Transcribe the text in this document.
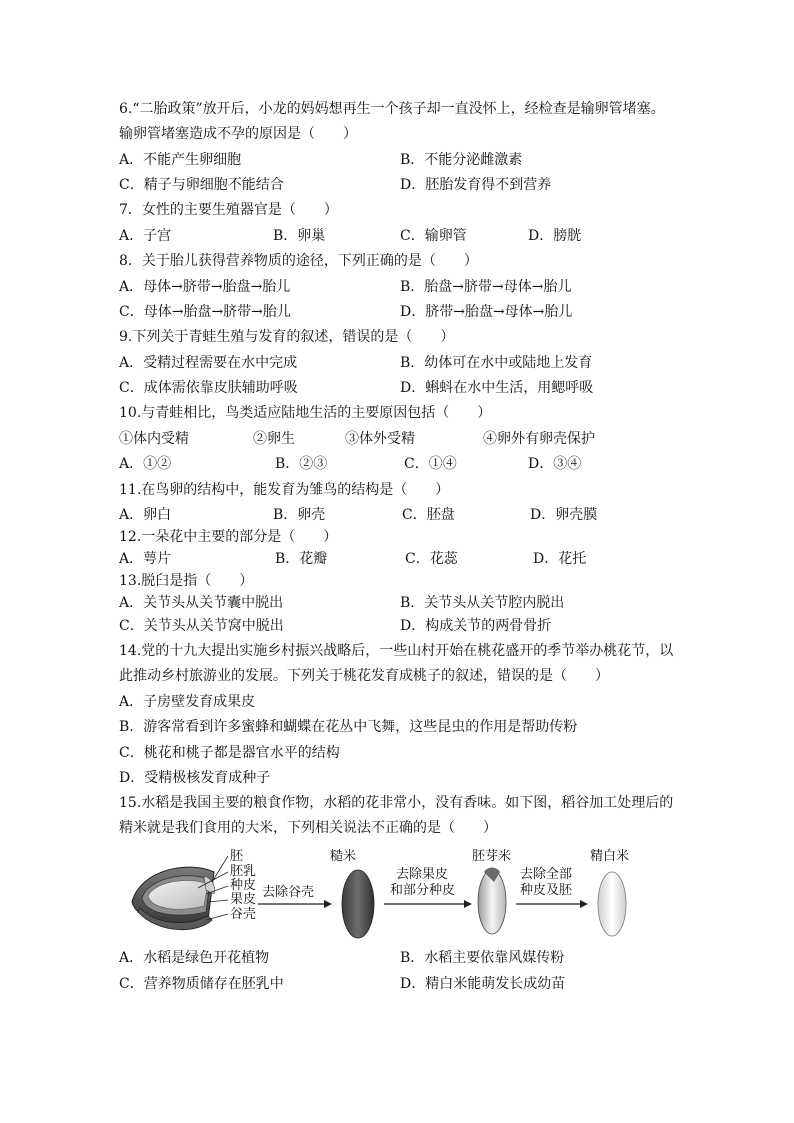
6.“二胎政策”放开后，小龙的妈妈想再生一个孩子却一直没怀上，经检查是输卵管堵塞。
输卵管堵塞造成不孕的原因是（　　）
A．不能产生卵细胞	B．不能分泌雌激素
C．精子与卵细胞不能结合	D．胚胎发育得不到营养
7．女性的主要生殖器官是（　　）
A．子宫	B．卵巢	C．输卵管	D．膀胱
8．关于胎儿获得营养物质的途径，下列正确的是（　　）
A．母体→脐带→胎盘→胎儿	B．胎盘→脐带→母体→胎儿
C．母体→胎盘→脐带→胎儿	D．脐带→胎盘→母体→胎儿
9.下列关于青蛙生殖与发育的叙述，错误的是（　　）
A．受精过程需要在水中完成	B．幼体可在水中或陆地上发育
C．成体需依靠皮肤辅助呼吸	D．蝌蚪在水中生活，用鳃呼吸
10.与青蛙相比，鸟类适应陆地生活的主要原因包括（　　）
①体内受精	②卵生	③体外受精	④卵外有卵壳保护
A．①②	B．②③	C．①④	D．③④
11.在鸟卵的结构中，能发育为雏鸟的结构是（　　）
A．卵白	B．卵壳	C．胚盘	D．卵壳膜
12.一朵花中主要的部分是（　　）
A．萼片	B．花瓣	C．花蕊	D．花托
13.脱臼是指（　　）
A．关节头从关节囊中脱出	B．关节头从关节腔内脱出
C．关节头从关节窝中脱出	D．构成关节的两骨骨折
14.党的十九大提出实施乡村振兴战略后，一些山村开始在桃花盛开的季节举办桃花节，以
此推动乡村旅游业的发展。下列关于桃花发育成桃子的叙述，错误的是（　　）
A．子房壁发育成果皮
B．游客常看到许多蜜蜂和蝴蝶在花丛中飞舞，这些昆虫的作用是帮助传粉
C．桃花和桃子都是器官水平的结构
D．受精极核发育成种子
15.水稻是我国主要的粮食作物，水稻的花非常小，没有香味。如下图，稻谷加工处理后的
精米就是我们食用的大米，下列相关说法不正确的是（　　）
胚
胚乳
种皮
果皮
谷壳
去除谷壳
糙米
去除果皮
和部分种皮
胚芽米
去除全部
种皮及胚
精白米
A．水稻是绿色开花植物	B．水稻主要依靠风媒传粉
C．营养物质储存在胚乳中	D．精白米能萌发长成幼苗
